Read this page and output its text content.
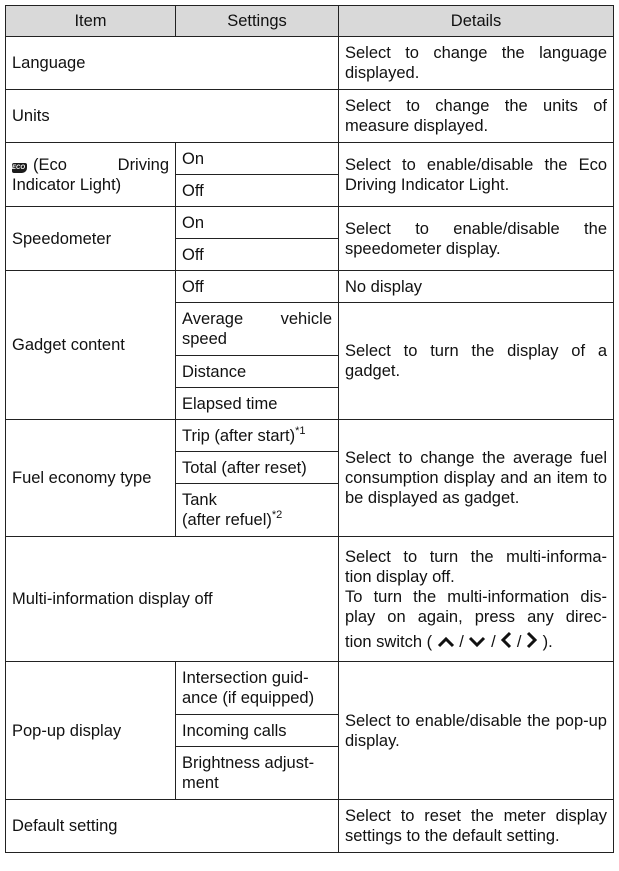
Item	Settings	Details
Language		Select to change the language displayed.
Units		Select to change the units of measure displayed.

ECO (Eco Driving
Indicator Light)	On	Select to enable/disable the Eco Driving Indicator Light.
	Off	
Speedometer	On	Select to enable/disable the speedometer display.
	Off	
Gadget content	Off	No display

	Average vehicle
speed	Select to turn the display of a gadget.
	Distance	
	Elapsed time	
Fuel economy type	Trip (after start)$^{*1}$	Select to change the average fuel consumption display and an item to be displayed as gadget.
	Total (after reset)	

	Tank
(after refuel)$^{*2}$

Multi-information display off		Select to turn the multi-informa-
tion display off.
To turn the multi-information dis-
play on again, press any direc-
tion switch ( / / / ).

Pop-up display	Intersection guid-
ance (if equipped)	Select to enable/disable the pop-up display.
	Incoming calls	

	Brightness adjust-
ment	

Default setting		Select to reset the meter display settings to the default setting.
